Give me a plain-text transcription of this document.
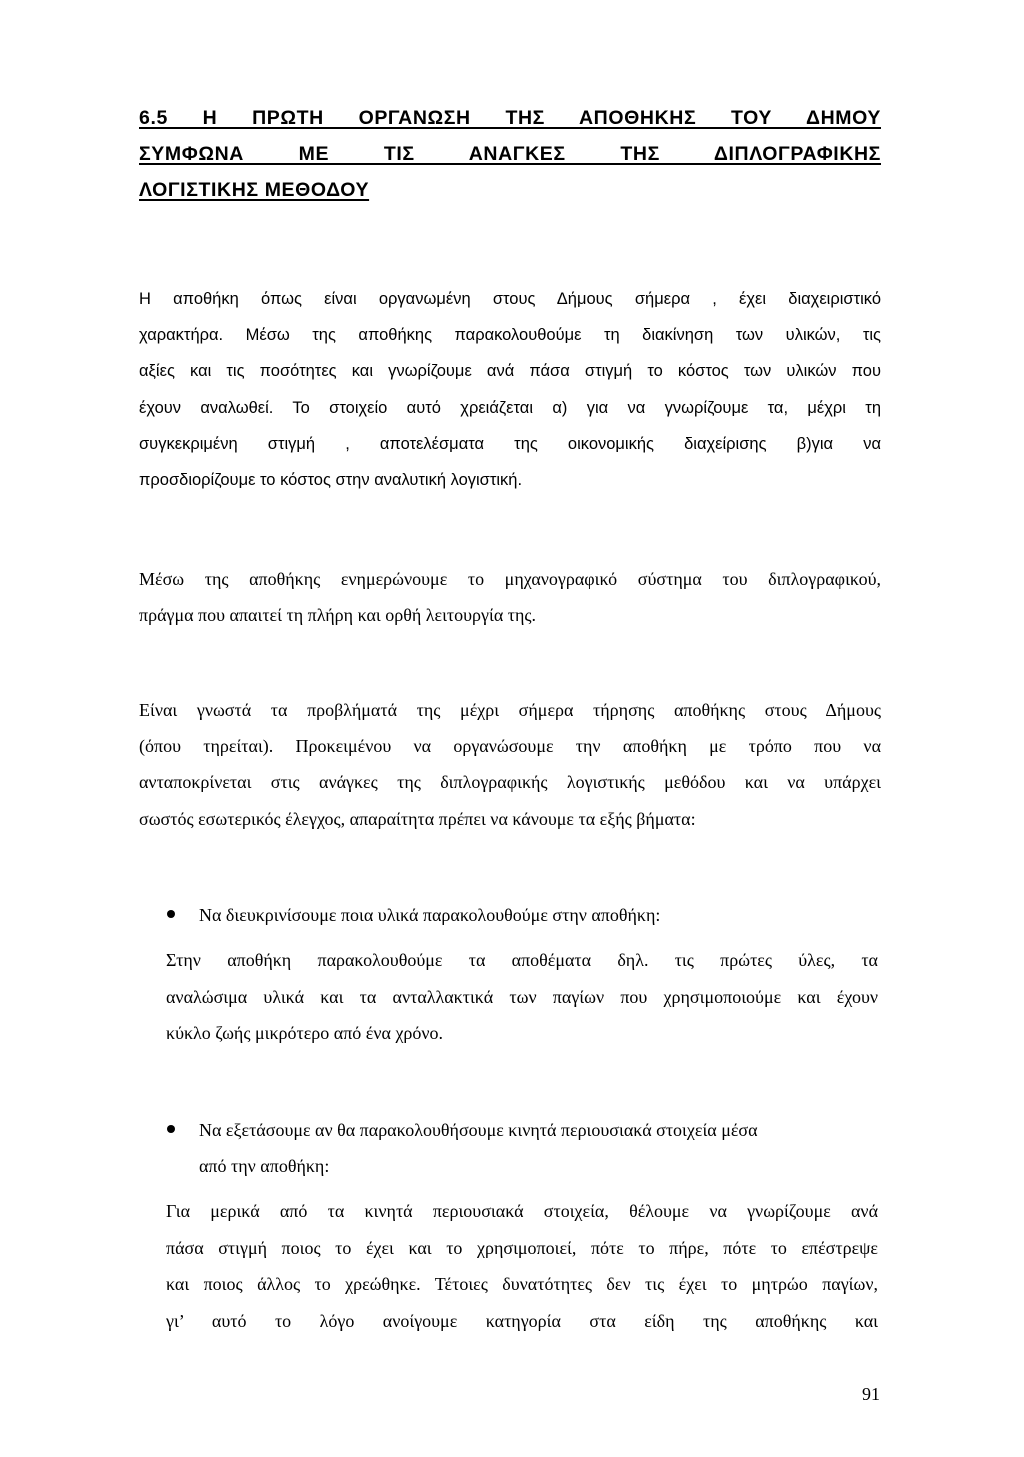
6.5 Η ΠΡΩΤΗ ΟΡΓΑΝΩΣΗ ΤΗΣ ΑΠΟΘΗΚΗΣ ΤΟΥ ΔΗΜΟΥ
ΣΥΜΦΩΝΑ ΜΕ ΤΙΣ ΑΝΑΓΚΕΣ ΤΗΣ ΔΙΠΛΟΓΡΑΦΙΚΗΣ
ΛΟΓΙΣΤΙΚΗΣ ΜΕΘΟΔΟΥ

Η αποθήκη όπως είναι οργανωμένη στους Δήμους σήμερα , έχει διαχειριστικό
χαρακτήρα. Μέσω της αποθήκης παρακολουθούμε τη διακίνηση των υλικών, τις
αξίες και τις ποσότητες και γνωρίζουμε ανά πάσα στιγμή το κόστος των υλικών που
έχουν αναλωθεί. Το στοιχείο αυτό χρειάζεται α) για να γνωρίζουμε τα, μέχρι τη
συγκεκριμένη στιγμή , αποτελέσματα της οικονομικής διαχείρισης β)για να
προσδιορίζουμε το κόστος στην αναλυτική λογιστική.

Μέσω της αποθήκης ενημερώνουμε το μηχανογραφικό σύστημα του διπλογραφικού,
πράγμα που απαιτεί τη πλήρη και ορθή λειτουργία της.

Είναι γνωστά τα προβλήματά της μέχρι σήμερα τήρησης αποθήκης στους Δήμους
(όπου τηρείται). Προκειμένου να οργανώσουμε την αποθήκη με τρόπο που να
ανταποκρίνεται στις ανάγκες της διπλογραφικής λογιστικής μεθόδου και να υπάρχει
σωστός εσωτερικός έλεγχος, απαραίτητα πρέπει να κάνουμε τα εξής βήματα:

Να διευκρινίσουμε ποια υλικά παρακολουθούμε στην αποθήκη:

Στην αποθήκη παρακολουθούμε τα αποθέματα δηλ. τις πρώτες ύλες, τα
αναλώσιμα υλικά και τα ανταλλακτικά των παγίων που χρησιμοποιούμε και έχουν
κύκλο ζωής μικρότερο από ένα χρόνο.

Να εξετάσουμε αν θα παρακολουθήσουμε κινητά περιουσιακά στοιχεία μέσα
από την αποθήκη:

Για μερικά από τα κινητά περιουσιακά στοιχεία, θέλουμε να γνωρίζουμε ανά
πάσα στιγμή ποιος το έχει και το χρησιμοποιεί, πότε το πήρε, πότε το επέστρεψε
και ποιος άλλος το χρεώθηκε. Τέτοιες δυνατότητες δεν τις έχει το μητρώο παγίων,
γι’ αυτό το λόγο ανοίγουμε κατηγορία στα είδη της αποθήκης και

91
